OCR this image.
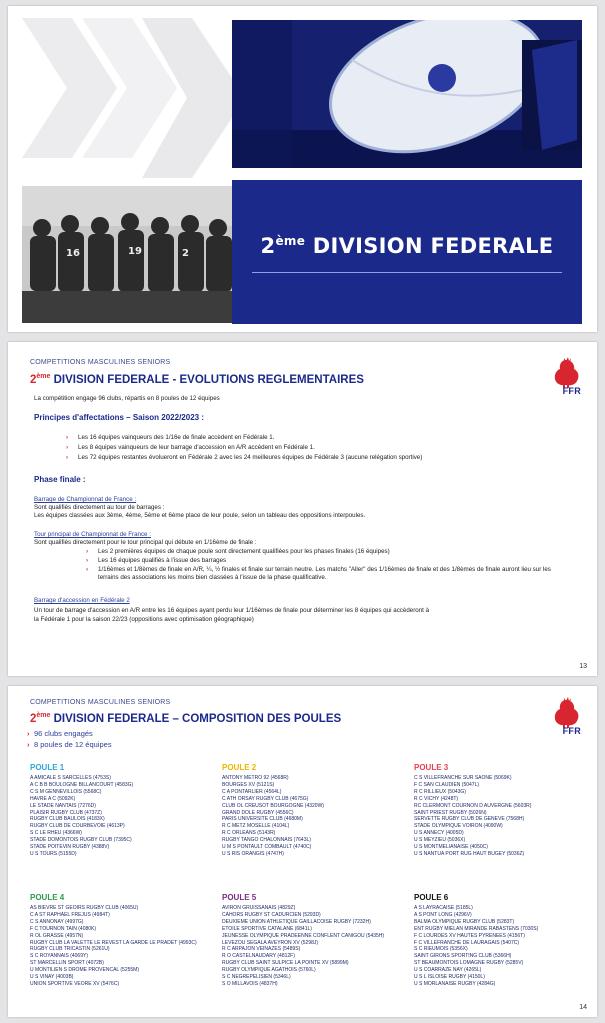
16	19	2	2ème DIVISION FEDERALE
COMPETITIONS MASCULINES SENIORS
2ème DIVISION FEDERALE - EVOLUTIONS REGLEMENTAIRES
FFR
La compétition engage 96 clubs, répartis en 8 poules de 12 équipes
Principes d'affectations – Saison 2022/2023 :
› Les 16 équipes vainqueurs des 1/16e de finale accèdent en Fédérale 1.
› Les 8 équipes vainqueurs de leur barrage d'accession en A/R accèdent en Fédérale 1.
› Les 72 équipes restantes évolueront en Fédérale 2 avec les 24 meilleures équipes de Fédérale 3 (aucune relégation sportive)
Phase finale :
Barrage de Championnat de France :
Sont qualifiés directement au tour de barrages :
Les équipes classées aux 3ème, 4ème, 5ème et 6ème place de leur poule, selon un tableau des oppositions interpoules.
Tour principal de Championnat de France :
Sont qualifiés directement pour le tour principal qui débute en 1/16ème de finale :
› Les 2 premières équipes de chaque poule sont directement qualifiées pour les phases finales (16 équipes)
› Les 16 équipes qualifiés à l'issue des barrages
› 1/16èmes et 1/8èmes de finale en A/R, ¼, ½ finales et finale sur terrain neutre. Les matchs "Aller" des 1/16èmes de finale et des 1/8èmes de finale auront lieu sur les terrains des associations les moins bien classées à l'issue de la phase qualificative.
Barrage d'accession en Fédérale 2
Un tour de barrage d'accession en A/R entre les 16 équipes ayant perdu leur 1/16èmes de finale pour déterminer les 8 équipes qui accèderont à
la Fédérale 1 pour la saison 22/23 (oppositions avec optimisation géographique)
13
COMPETITIONS MASCULINES SENIORS
2ème DIVISION FEDERALE – COMPOSITION DES POULES
FFR
› 96 clubs engagés
› 8 poules de 12 équipes
POULE 1
A AMICALE S SARCELLES (4753S)
A C B B BOULOGNE BILLANCOURT (4583G)
C S M GENNEVILLOIS (5568C)
HAVRE A C (5092K)
LE STADE NANTAIS (7276D)
PLAISIR RUGBY CLUB (4737Z)
RUGBY CLUB BAULOIS (4183X)
RUGBY CLUB DE COURBEVOIE (4613P)
S C LE RHEU (4366W)
STADE DOMONTOIS RUGBY CLUB (7395C)
STADE POITEVIN RUGBY (4388V)
U S TOURS (5155D)
POULE 2
ANTONY METRO 92 (4568R)
BOURGES XV (5121S)
C A PONTARLIER (4564L)
C ATH ORSAY RUGBY CLUB (4675G)
CLUB OL CREUSOT BOURGOGNE (4320W)
GRAND DOLE RUGBY (4556C)
PARIS UNIVERSITE CLUB (4680M)
R C METZ MOSELLE (4104L)
R C ORLEANS (5143R)
RUGBY TANGO CHALONNAIS (7643L)
U M S PONTAULT COMBAULT (4740C)
U S RIS ORANGIS (4747H)
POULE 3
C S VILLEFRANCHE SUR SAONE (5069K)
F C SAN CLAUDIEN (5047L)
R C RILLIEUX (5043G)
R C VICHY (4248T)
RC CLERMONT COURNON D AUVERGNE (5603R)
SAINT PRIEST RUGBY (5026N)
SERVETTE RUGBY CLUB DE GENEVE (7568H)
STADE OLYMPIQUE VOIRON (4090W)
U S ANNECY (4005D)
U S MEYZIEU (5036X)
U S MONTMELIANAISE (4050C)
U S NANTUA PORT RUG HAUT BUGEY (5036Z)
POULE 4
AS BIEVRE ST GEOIRS RUGBY CLUB (4065U)
C A ST RAPHAEL FREJUS (4984T)
C S ANNONAY (4997G)
F C TOURNON TAIN (4080K)
R OL GRASSE (4957N)
RUGBY CLUB LA VALETTE LE REVEST LA GARDE LE PRADET (4993C)
RUGBY CLUB TRICASTIN (5261U)
S C ROYANNAIS (4069Y)
ST MARCELLIN SPORT (4072B)
U MONTILIEN S DROME PROVENCAL (5255M)
U S VINAY (4003B)
UNION SPORTIVE VEORE XV (5476C)
POULE 5
AVIRON GRUISSANAIS (4829Z)
CAHORS RUGBY ST CADURCIEN (5293D)
DEUXIEME UNION ATHLETIQUE GAILLACOISE RUGBY (7232H)
ETOILE SPORTIVE CATALANE (6841L)
JEUNESSE OLYMPIQUE PRADEENNE CONFLENT CANIGOU (5435H)
LEVEZOU SEGALA AVEYRON XV (5298J)
R C ARPAJON VEINAZES (5489S)
R O CASTELNAUDARY (4812F)
RUGBY CLUB SAINT SULPICE LA POINTE XV (5899M)
RUGBY OLYMPIQUE AGATHOIS (5760L)
S C NEGREPELISIEN (5346L)
S O MILLAVOIS (4837H)
POULE 6
A S LAYRACAISE (5185L)
A S PONT LONG (4296V)
BALMA OLYMPIQUE RUGBY CLUB (5283T)
ENT RUGBY MIELAN MIRANDE RABASTENS (7030S)
F C LOURDES XV HAUTES PYRENEES (4156T)
F C VILLEFRANCHE DE LAURAGAIS (5407C)
S C RIEUMOIS (5356X)
SAINT GIRONS SPORTING CLUB (5366H)
ST BEAUMONTOIS LOMAGNE RUGBY (5285V)
U S COARRAZE NAY (4265L)
U S L ISLOISE RUGBY (4150L)
U S MORLANAISE RUGBY (4284G)
14
